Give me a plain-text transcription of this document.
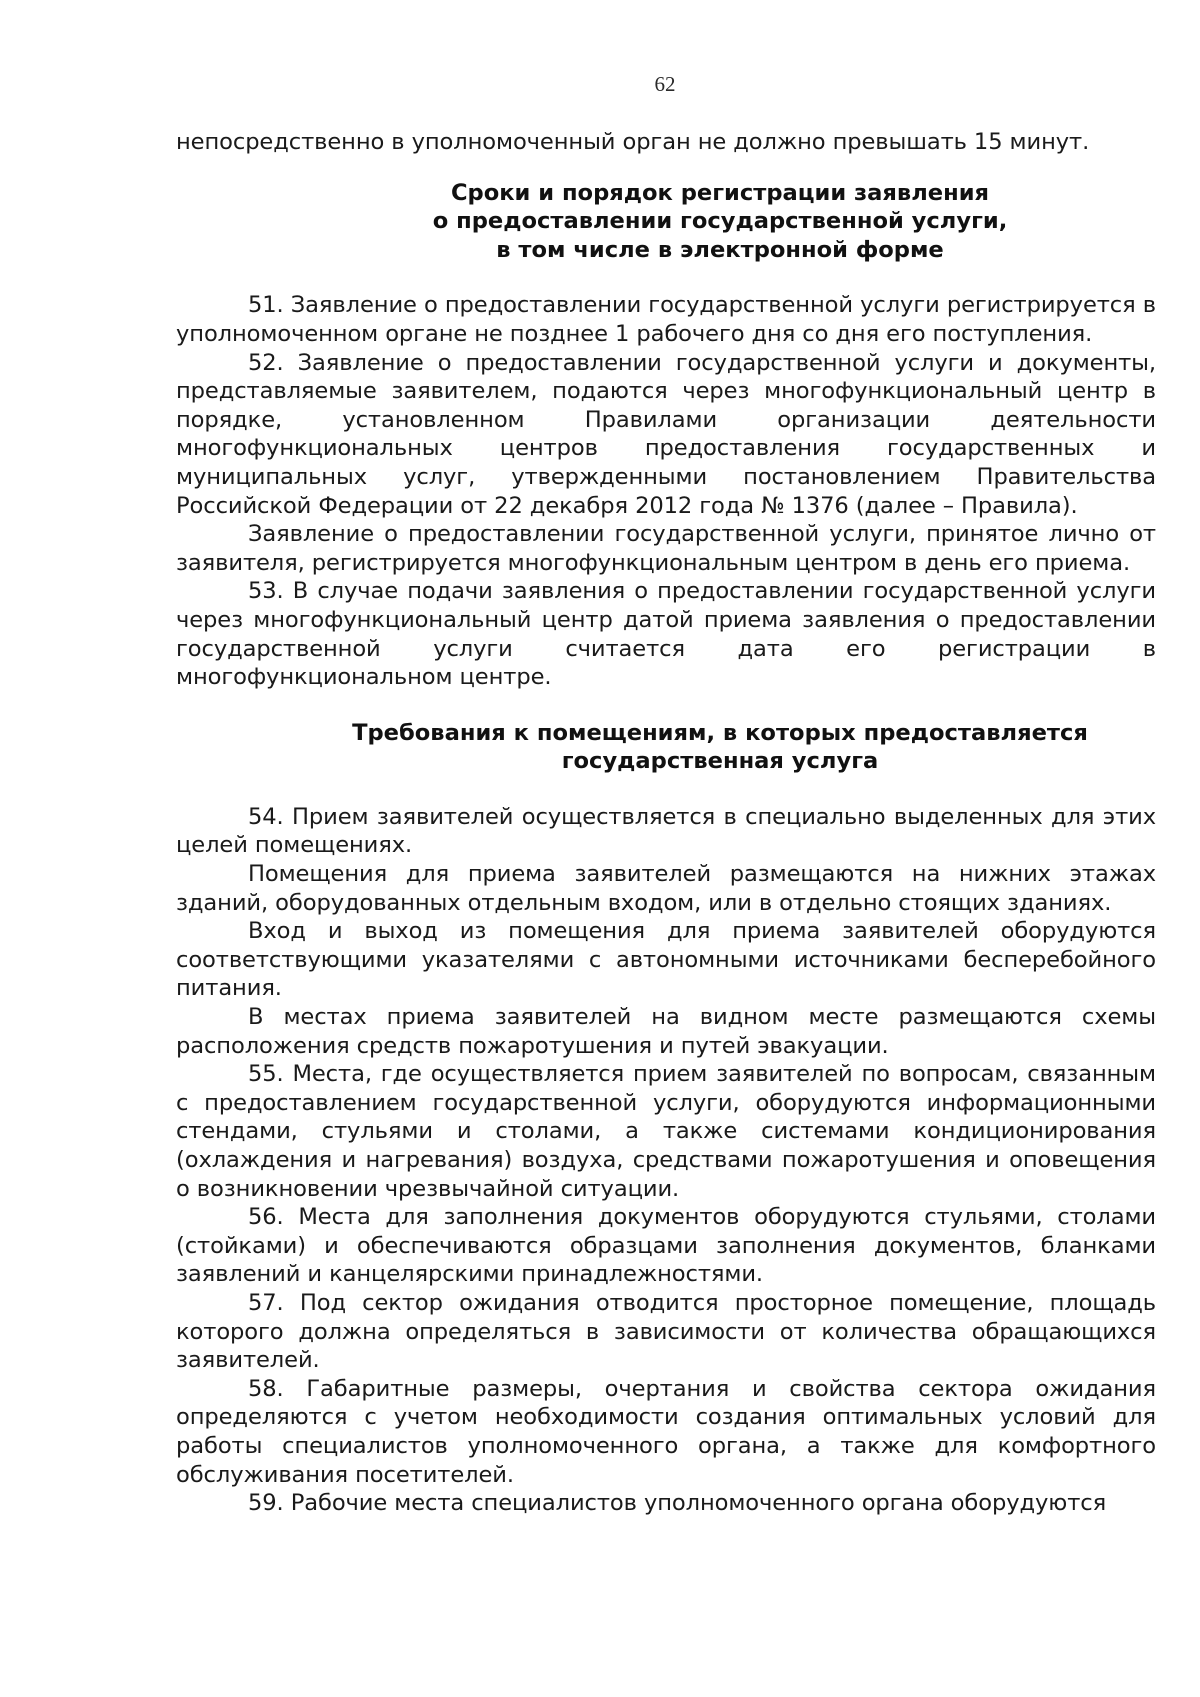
62

непосредственно в уполномоченный орган не должно превышать 15 минут.

Сроки и порядок регистрации заявления
о предоставлении государственной услуги,
в том числе в электронной форме

51. Заявление о предоставлении государственной услуги регистрируется в уполномоченном органе не позднее 1 рабочего дня со дня его поступления.

52. Заявление о предоставлении государственной услуги и документы, представляемые заявителем, подаются через многофункциональный центр в порядке, установленном Правилами организации деятельности многофункциональных центров предоставления государственных и муниципальных услуг, утвержденными постановлением Правительства Российской Федерации от 22 декабря 2012 года № 1376 (далее – Правила).

Заявление о предоставлении государственной услуги, принятое лично от заявителя, регистрируется многофункциональным центром в день его приема.

53. В случае подачи заявления о предоставлении государственной услуги через многофункциональный центр датой приема заявления о предоставлении государственной услуги считается дата его регистрации в многофункциональном центре.

Требования к помещениям, в которых предоставляется
государственная услуга

54. Прием заявителей осуществляется в специально выделенных для этих целей помещениях.

Помещения для приема заявителей размещаются на нижних этажах зданий, оборудованных отдельным входом, или в отдельно стоящих зданиях.

Вход и выход из помещения для приема заявителей оборудуются соответствующими указателями с автономными источниками бесперебойного питания.

В местах приема заявителей на видном месте размещаются схемы расположения средств пожаротушения и путей эвакуации.

55. Места, где осуществляется прием заявителей по вопросам, связанным с предоставлением государственной услуги, оборудуются информационными стендами, стульями и столами, а также системами кондиционирования (охлаждения и нагревания) воздуха, средствами пожаротушения и оповещения о возникновении чрезвычайной ситуации.

56. Места для заполнения документов оборудуются стульями, столами (стойками) и обеспечиваются образцами заполнения документов, бланками заявлений и канцелярскими принадлежностями.

57. Под сектор ожидания отводится просторное помещение, площадь которого должна определяться в зависимости от количества обращающихся заявителей.

58. Габаритные размеры, очертания и свойства сектора ожидания определяются с учетом необходимости создания оптимальных условий для работы специалистов уполномоченного органа, а также для комфортного обслуживания посетителей.

59. Рабочие места специалистов уполномоченного органа оборудуются
